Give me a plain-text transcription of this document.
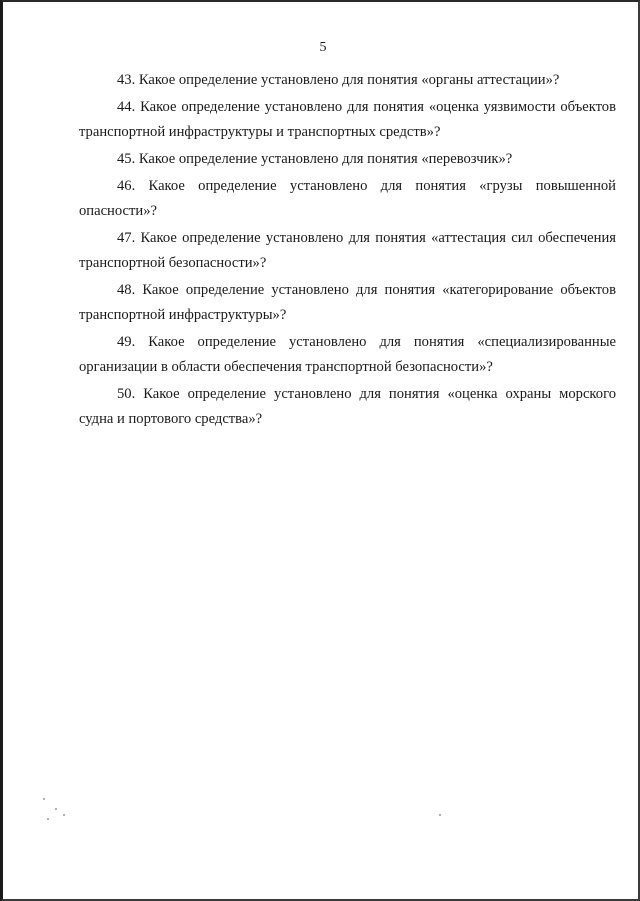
5

43. Какое определение установлено для понятия «органы аттестации»?

44. Какое определение установлено для понятия «оценка уязвимости объектов транспортной инфраструктуры и транспортных средств»?

45. Какое определение установлено для понятия «перевозчик»?

46. Какое определение установлено для понятия «грузы повышенной опасности»?

47. Какое определение установлено для понятия «аттестация сил обеспечения транспортной безопасности»?

48. Какое определение установлено для понятия «категорирование объектов транспортной инфраструктуры»?

49. Какое определение установлено для понятия «специализированные организации в области обеспечения транспортной безопасности»?

50. Какое определение установлено для понятия «оценка охраны морского судна и портового средства»?
